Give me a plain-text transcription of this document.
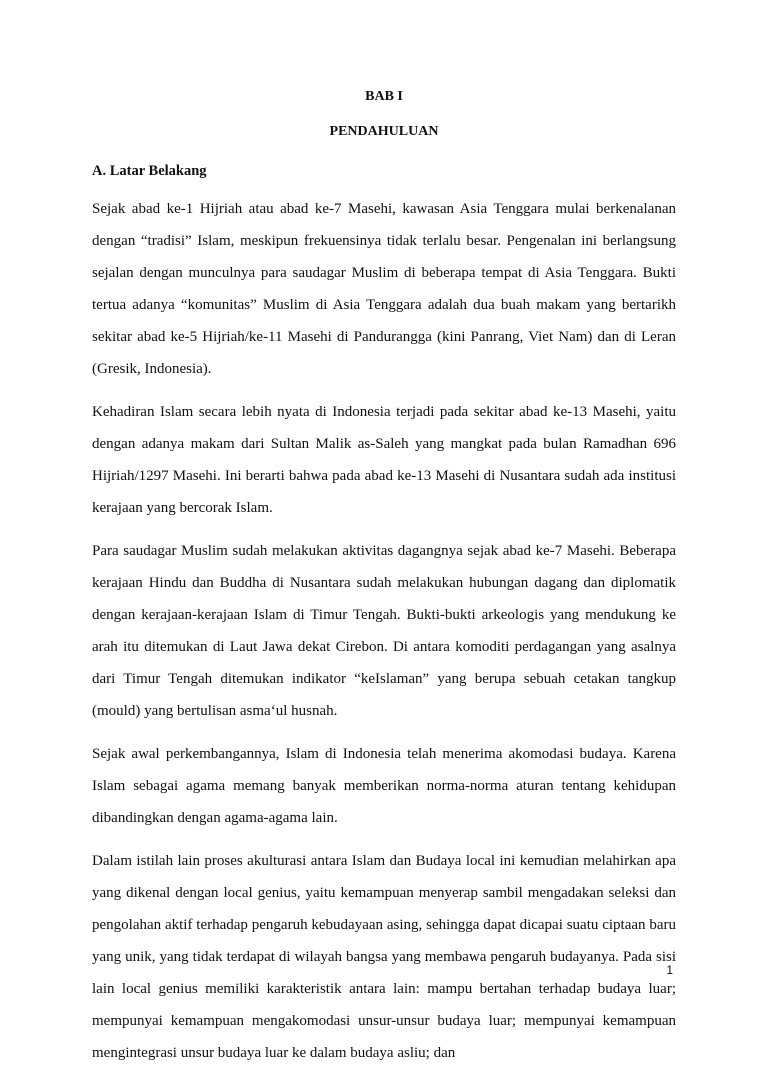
BAB I
PENDAHULUAN
A. Latar Belakang

Sejak abad ke-1 Hijriah atau abad ke-7 Masehi, kawasan Asia Tenggara mulai berkenalanan dengan “tradisi” Islam, meskipun frekuensinya tidak terlalu besar. Pengenalan ini berlangsung sejalan dengan munculnya para saudagar Muslim di beberapa tempat di Asia Tenggara. Bukti tertua adanya “komunitas” Muslim di Asia Tenggara adalah dua buah makam yang bertarikh sekitar abad ke-5 Hijriah/ke-11 Masehi di Pandurangga (kini Panrang, Viet Nam) dan di Leran (Gresik, Indonesia).

Kehadiran Islam secara lebih nyata di Indonesia terjadi pada sekitar abad ke-13 Masehi, yaitu dengan adanya makam dari Sultan Malik as-Saleh yang mangkat pada bulan Ramadhan 696 Hijriah/1297 Masehi. Ini berarti bahwa pada abad ke-13 Masehi di Nusantara sudah ada institusi kerajaan yang bercorak Islam.

Para saudagar Muslim sudah melakukan aktivitas dagangnya sejak abad ke-7 Masehi. Beberapa kerajaan Hindu dan Buddha di Nusantara sudah melakukan hubungan dagang dan diplomatik dengan kerajaan-kerajaan Islam di Timur Tengah. Bukti-bukti arkeologis yang mendukung ke arah itu ditemukan di Laut Jawa dekat Cirebon. Di antara komoditi perdagangan yang asalnya dari Timur Tengah ditemukan indikator “keIslaman” yang berupa sebuah cetakan tangkup (mould) yang bertulisan asma‘ul husnah.

Sejak awal perkembangannya, Islam di Indonesia telah menerima akomodasi budaya. Karena Islam sebagai agama memang banyak memberikan norma-norma aturan tentang kehidupan dibandingkan dengan agama-agama lain.

Dalam istilah lain proses akulturasi antara Islam dan Budaya local ini kemudian melahirkan apa yang dikenal dengan local genius, yaitu kemampuan menyerap sambil mengadakan seleksi dan pengolahan aktif terhadap pengaruh kebudayaan asing, sehingga dapat dicapai suatu ciptaan baru yang unik, yang tidak terdapat di wilayah bangsa yang membawa pengaruh budayanya. Pada sisi lain local genius memiliki karakteristik antara lain: mampu bertahan terhadap budaya luar; mempunyai kemampuan mengakomodasi unsur-unsur budaya luar; mempunyai kemampuan mengintegrasi unsur budaya luar ke dalam budaya asliu; dan

1
